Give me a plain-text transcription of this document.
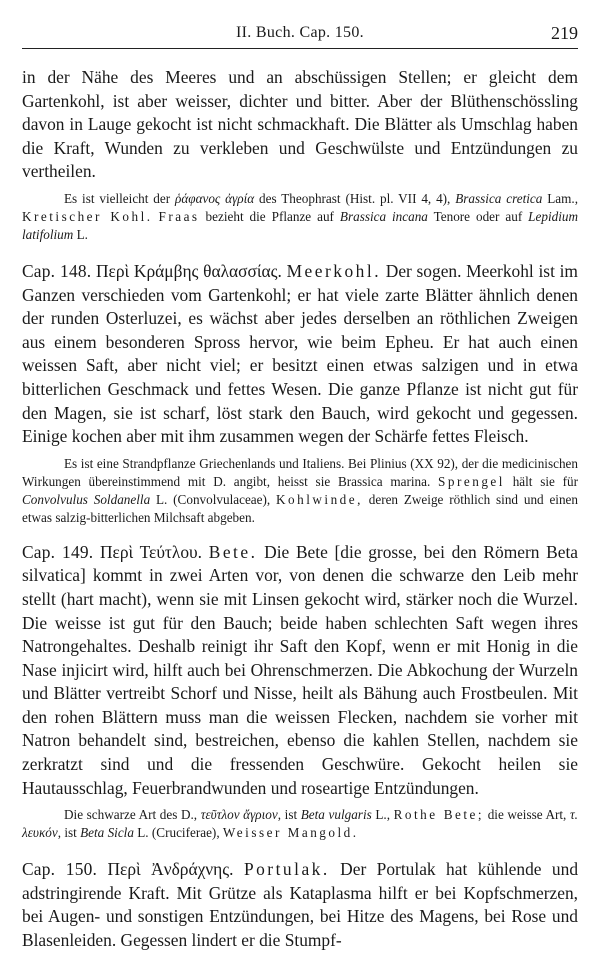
II. Buch. Cap. 150.	219

in der Nähe des Meeres und an abschüssigen Stellen; er gleicht dem Gartenkohl, ist aber weisser, dichter und bitter. Aber der Blüthenschössling davon in Lauge gekocht ist nicht schmackhaft. Die Blätter als Umschlag haben die Kraft, Wunden zu verkleben und Geschwülste und Entzündungen zu vertheilen.

Es ist vielleicht der ῥάφανος ἀγρία des Theophrast (Hist. pl. VII 4, 4), Brassica cretica Lam., Kretischer Kohl. Fraas bezieht die Pflanze auf Brassica incana Tenore oder auf Lepidium latifolium L.

Cap. 148. Περὶ Κράμβης θαλασσίας. Meerkohl. Der sogen. Meerkohl ist im Ganzen verschieden vom Gartenkohl; er hat viele zarte Blätter ähnlich denen der runden Osterluzei, es wächst aber jedes derselben an röthlichen Zweigen aus einem besonderen Spross hervor, wie beim Epheu. Er hat auch einen weissen Saft, aber nicht viel; er besitzt einen etwas salzigen und in etwa bitterlichen Geschmack und fettes Wesen. Die ganze Pflanze ist nicht gut für den Magen, sie ist scharf, löst stark den Bauch, wird gekocht und gegessen. Einige kochen aber mit ihm zusammen wegen der Schärfe fettes Fleisch.

Es ist eine Strandpflanze Griechenlands und Italiens. Bei Plinius (XX 92), der die medicinischen Wirkungen übereinstimmend mit D. angibt, heisst sie Brassica marina. Sprengel hält sie für Convolvulus Soldanella L. (Convolvulaceae), Kohlwinde, deren Zweige röthlich sind und einen etwas salzig-bitterlichen Milchsaft abgeben.

Cap. 149. Περὶ Τεύτλου. Bete. Die Bete [die grosse, bei den Römern Beta silvatica] kommt in zwei Arten vor, von denen die schwarze den Leib mehr stellt (hart macht), wenn sie mit Linsen gekocht wird, stärker noch die Wurzel. Die weisse ist gut für den Bauch; beide haben schlechten Saft wegen ihres Natrongehaltes. Deshalb reinigt ihr Saft den Kopf, wenn er mit Honig in die Nase injicirt wird, hilft auch bei Ohrenschmerzen. Die Abkochung der Wurzeln und Blätter vertreibt Schorf und Nisse, heilt als Bähung auch Frostbeulen. Mit den rohen Blättern muss man die weissen Flecken, nachdem sie vorher mit Natron behandelt sind, bestreichen, ebenso die kahlen Stellen, nachdem sie zerkratzt sind und die fressenden Geschwüre. Gekocht heilen sie Hautausschlag, Feuerbrandwunden und roseartige Entzündungen.

Die schwarze Art des D., τεῦτλον ἄγριον, ist Beta vulgaris L., Rothe Bete; die weisse Art, τ. λευκόν, ist Beta Sicla L. (Cruciferae), Weisser Mangold.

Cap. 150. Περὶ Ἀνδράχνης. Portulak. Der Portulak hat kühlende und adstringirende Kraft. Mit Grütze als Kataplasma hilft er bei Kopfschmerzen, bei Augen- und sonstigen Entzündungen, bei Hitze des Magens, bei Rose und Blasenleiden. Gegessen lindert er die Stumpf-
